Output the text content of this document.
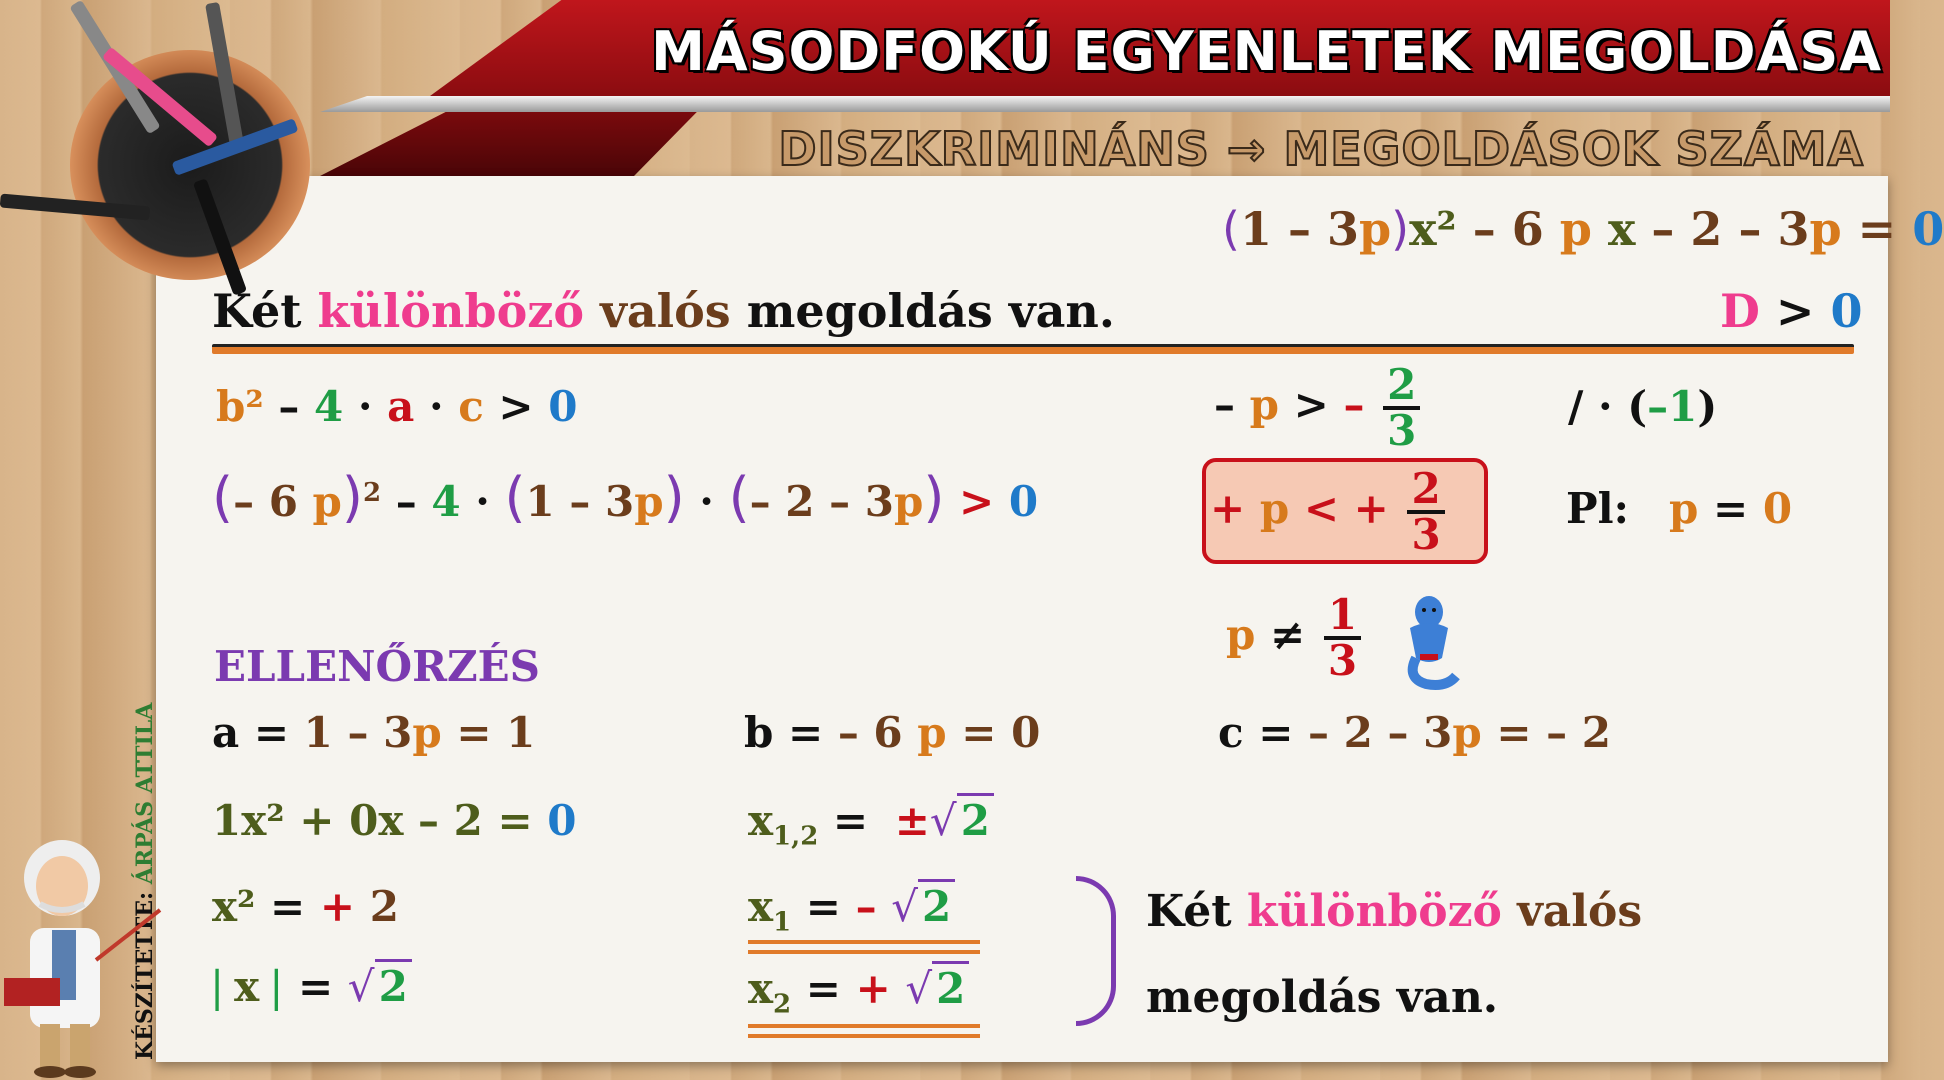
MÁSODFOKÚ EGYENLETEK MEGOLDÁSA
DISZKRIMINÁNS → MEGOLDÁSOK SZÁMA
(1 – 3p)x² – 6 p x – 2 – 3p = 0
Két különböző valós megoldás van.	D > 0
b² – 4 · a · c > 0
(– 6 p)$^2$ – 4 · (1 – 3p) · (– 2 – 3p) > 0
– p > – $\frac{2}{3}$	/ · (–1)
+ p < + $\frac{2}{3}$	Pl: p = 0
$p \ne \frac{1}{3}$
ELLENŐRZÉS
a = 1 – 3p = 1	b = – 6 p = 0	c = – 2 – 3p = – 2
1x² + 0x – 2 = 0
x² = + 2
| x | = √2
$x_{1,2} = \pm√2$
$x_1$ = – √2
$x_2$ = + √2
Két különböző valós
megoldás van.
KÉSZÍTETTE: ÁRPÁS ATTILA
